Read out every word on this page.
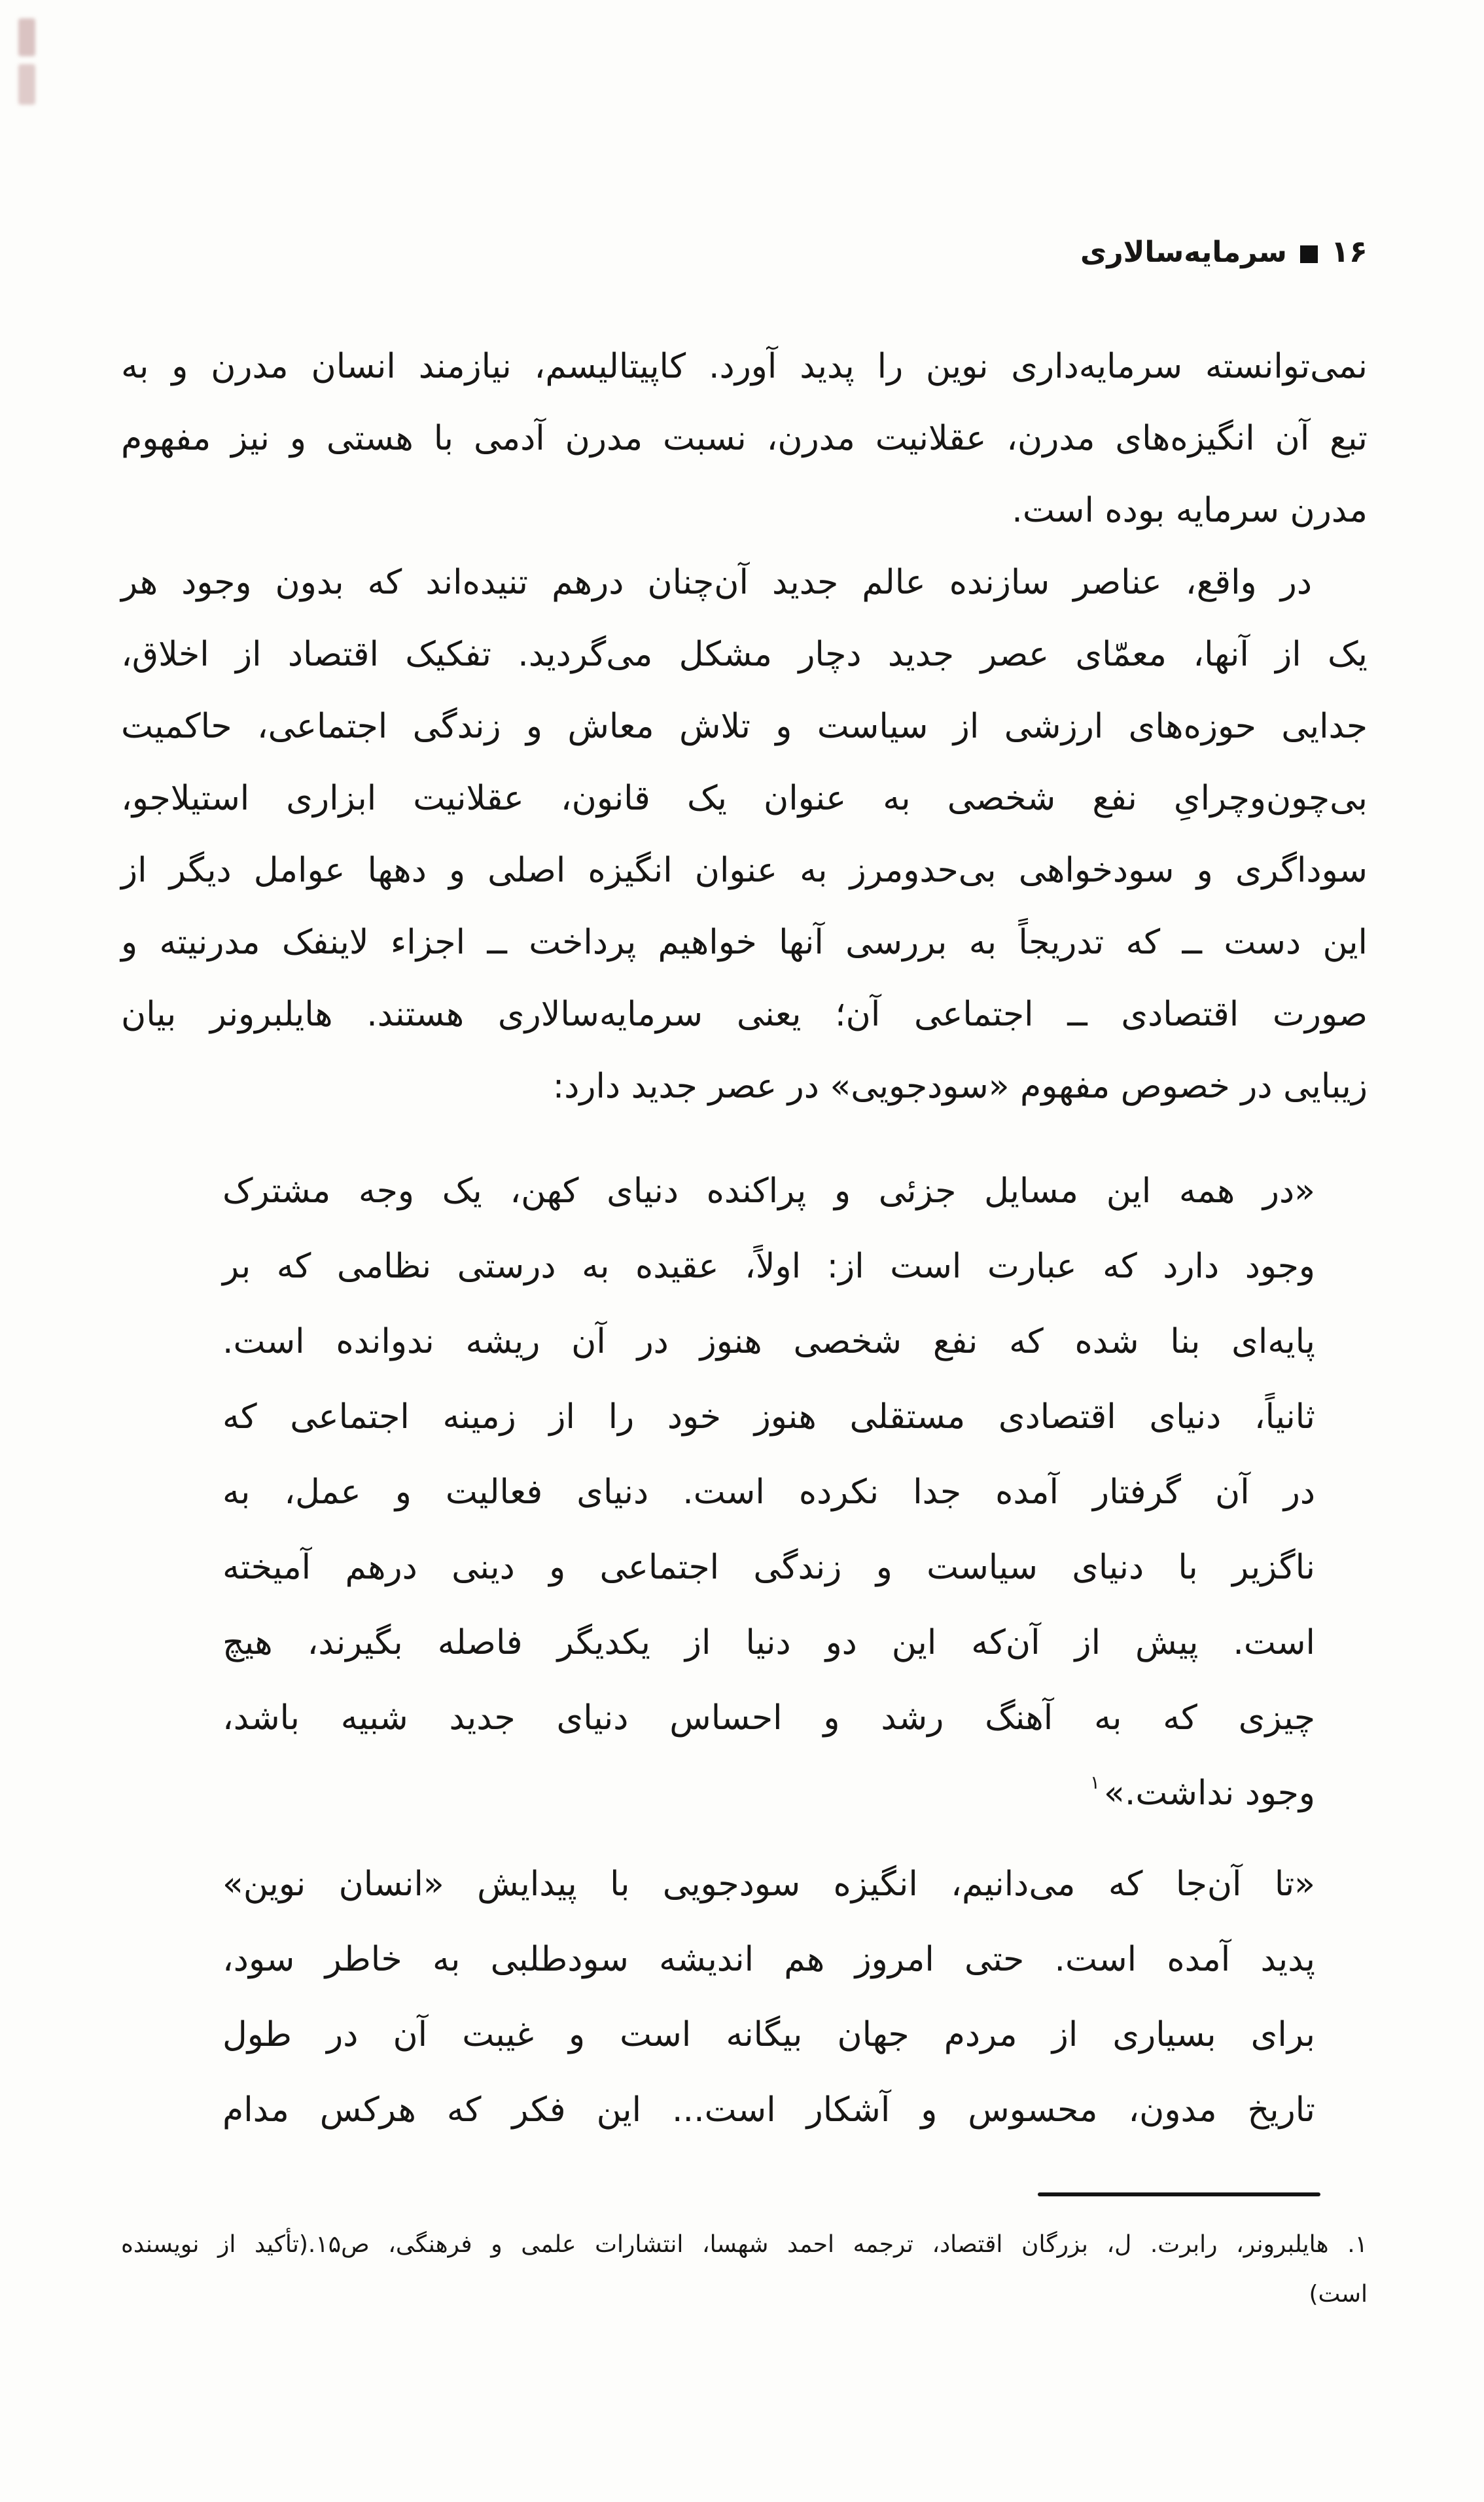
۱۶سرمایه‌سالاری
نمی‌توانسته سرمایه‌داری نوین را پدید آورد. کاپیتالیسم، نیازمند انسان مدرن و به
تبع آن انگیزه‌های مدرن، عقلانیت مدرن، نسبت مدرن آدمی با هستی و نیز مفهوم
مدرن سرمایه بوده است.
در واقع، عناصر سازنده عالم جدید آن‌چنان درهم تنیده‌اند که بدون وجود هر
یک از آنها، معمّای عصر جدید دچار مشکل می‌گردید. تفکیک اقتصاد از اخلاق،
جدایی حوزه‌های ارزشی از سیاست و تلاش معاش و زندگی اجتماعی، حاکمیت
بی‌چون‌وچرایِ نفع شخصی به عنوان یک قانون، عقلانیت ابزاری استیلاجو،
سوداگری و سودخواهی بی‌حدومرز به عنوان انگیزه اصلی و دهها عوامل دیگر از
این دست ــ که تدریجاً به بررسی آنها خواهیم پرداخت ــ اجزاء لاینفک مدرنیته و
صورت اقتصادی ــ اجتماعی آن؛ یعنی سرمایه‌سالاری هستند. هایلبرونر بیان
زیبایی در خصوص مفهوم «سودجویی» در عصر جدید دارد:
«در همه این مسایل جزئی و پراکنده دنیای کهن، یک وجه مشترک
وجود دارد که عبارت است از: اولاً، عقیده به درستی نظامی که بر
پایه‌ای بنا شده که نفع شخصی هنوز در آن ریشه ندوانده است.
ثانیاً، دنیای اقتصادی مستقلی هنوز خود را از زمینه اجتماعی که
در آن گرفتار آمده جدا نکرده است. دنیای فعالیت و عمل، به
ناگزیر با دنیای سیاست و زندگی اجتماعی و دینی درهم آمیخته
است. پیش از آن‌که این دو دنیا از یکدیگر فاصله بگیرند، هیچ
چیزی که به آهنگ رشد و احساس دنیای جدید شبیه باشد،
وجود نداشت.»$^۱$
«تا آن‌جا که می‌دانیم، انگیزه سودجویی با پیدایش «انسان نوین»
پدید آمده است. حتی امروز هم اندیشه سودطلبی به خاطر سود،
برای بسیاری از مردم جهان بیگانه است و غیبت آن در طول
تاریخ مدون، محسوس و آشکار است... این فکر که هرکس مدام
۱. هایلبرونر، رابرت. ل، بزرگان اقتصاد، ترجمه احمد شهسا، انتشارات علمی و فرهنگی، ص۱۵.(تأکید از نویسنده
است)
